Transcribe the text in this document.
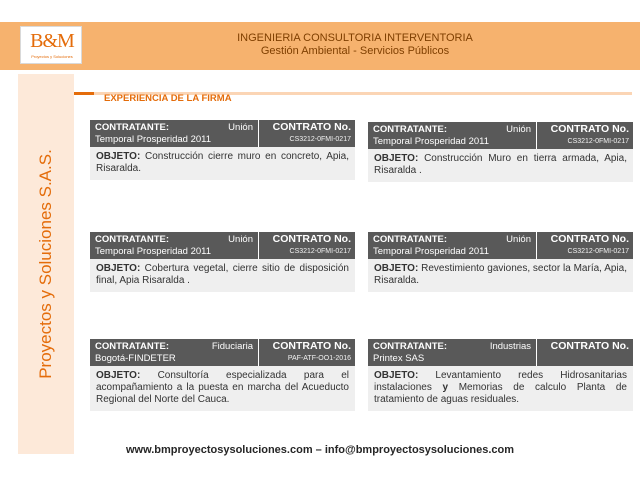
B&M
Proyectos y Soluciones
INGENIERIA CONSULTORIA INTERVENTORIA
Gestión Ambiental - Servicios Públicos
Proyectos y Soluciones S.A.S.
EXPERIENCIA DE LA FIRMA
CONTRATANTE:	Unión
Temporal Prosperidad 2011
CONTRATO No.
CS3212-0FMI-0217
OBJETO: Construcción cierre muro en concreto, Apia, Risaralda.
CONTRATANTE:	Unión
Temporal Prosperidad 2011
CONTRATO No.
CS3212-0FMI-0217
OBJETO: Construcción Muro en tierra armada, Apia, Risaralda .
CONTRATANTE:	Unión
Temporal Prosperidad 2011
CONTRATO No.
CS3212-0FMI-0217
OBJETO: Cobertura vegetal, cierre sitio de disposición final, Apia Risaralda .
CONTRATANTE:	Unión
Temporal Prosperidad 2011
CONTRATO No.
CS3212-0FMI-0217
OBJETO: Revestimiento gaviones, sector la María, Apia, Risaralda.
CONTRATANTE:	Fiduciaria
Bogotá-FINDETER
CONTRATO No.
PAF-ATF-OO1-2016
OBJETO: Consultoría especializada para el acompañamiento a la puesta en marcha del Acueducto Regional del Norte del Cauca.
CONTRATANTE:	Industrias
Printex SAS
CONTRATO No.
OBJETO: Levantamiento redes Hidrosanitarias instalaciones y Memorias de calculo Planta de tratamiento de aguas residuales.
www.bmproyectosysoluciones.com – info@bmproyectosysoluciones.com
